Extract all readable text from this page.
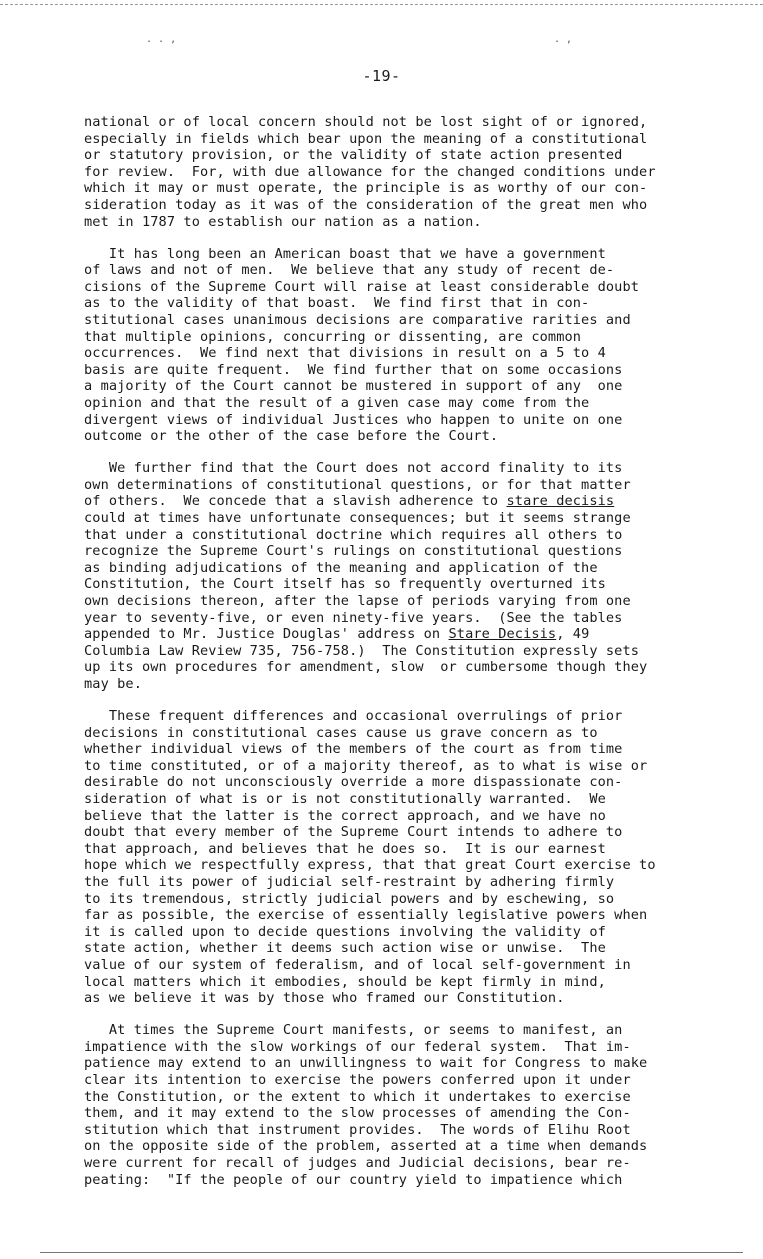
. . ,	. ,
-19-

national or of local concern should not be lost sight of or ignored,
especially in fields which bear upon the meaning of a constitutional
or statutory provision, or the validity of state action presented
for review.  For, with due allowance for the changed conditions under
which it may or must operate, the principle is as worthy of our con-
sideration today as it was of the consideration of the great men who
met in 1787 to establish our nation as a nation.

It has long been an American boast that we have a government
of laws and not of men.  We believe that any study of recent de-
cisions of the Supreme Court will raise at least considerable doubt
as to the validity of that boast.  We find first that in con-
stitutional cases unanimous decisions are comparative rarities and
that multiple opinions, concurring or dissenting, are common
occurrences.  We find next that divisions in result on a 5 to 4
basis are quite frequent.  We find further that on some occasions
a majority of the Court cannot be mustered in support of any  one
opinion and that the result of a given case may come from the
divergent views of individual Justices who happen to unite on one
outcome or the other of the case before the Court.

We further find that the Court does not accord finality to its
own determinations of constitutional questions, or for that matter
of others.  We concede that a slavish adherence to stare decisis
could at times have unfortunate consequences; but it seems strange
that under a constitutional doctrine which requires all others to
recognize the Supreme Court's rulings on constitutional questions
as binding adjudications of the meaning and application of the
Constitution, the Court itself has so frequently overturned its
own decisions thereon, after the lapse of periods varying from one
year to seventy-five, or even ninety-five years.  (See the tables
appended to Mr. Justice Douglas' address on Stare Decisis, 49
Columbia Law Review 735, 756-758.)  The Constitution expressly sets
up its own procedures for amendment, slow  or cumbersome though they
may be.

These frequent differences and occasional overrulings of prior
decisions in constitutional cases cause us grave concern as to
whether individual views of the members of the court as from time
to time constituted, or of a majority thereof, as to what is wise or
desirable do not unconsciously override a more dispassionate con-
sideration of what is or is not constitutionally warranted.  We
believe that the latter is the correct approach, and we have no
doubt that every member of the Supreme Court intends to adhere to
that approach, and believes that he does so.  It is our earnest
hope which we respectfully express, that that great Court exercise to
the full its power of judicial self-restraint by adhering firmly
to its tremendous, strictly judicial powers and by eschewing, so
far as possible, the exercise of essentially legislative powers when
it is called upon to decide questions involving the validity of
state action, whether it deems such action wise or unwise.  The
value of our system of federalism, and of local self-government in
local matters which it embodies, should be kept firmly in mind,
as we believe it was by those who framed our Constitution.

At times the Supreme Court manifests, or seems to manifest, an
impatience with the slow workings of our federal system.  That im-
patience may extend to an unwillingness to wait for Congress to make
clear its intention to exercise the powers conferred upon it under
the Constitution, or the extent to which it undertakes to exercise
them, and it may extend to the slow processes of amending the Con-
stitution which that instrument provides.  The words of Elihu Root
on the opposite side of the problem, asserted at a time when demands
were current for recall of judges and Judicial decisions, bear re-
peating:  "If the people of our country yield to impatience which
